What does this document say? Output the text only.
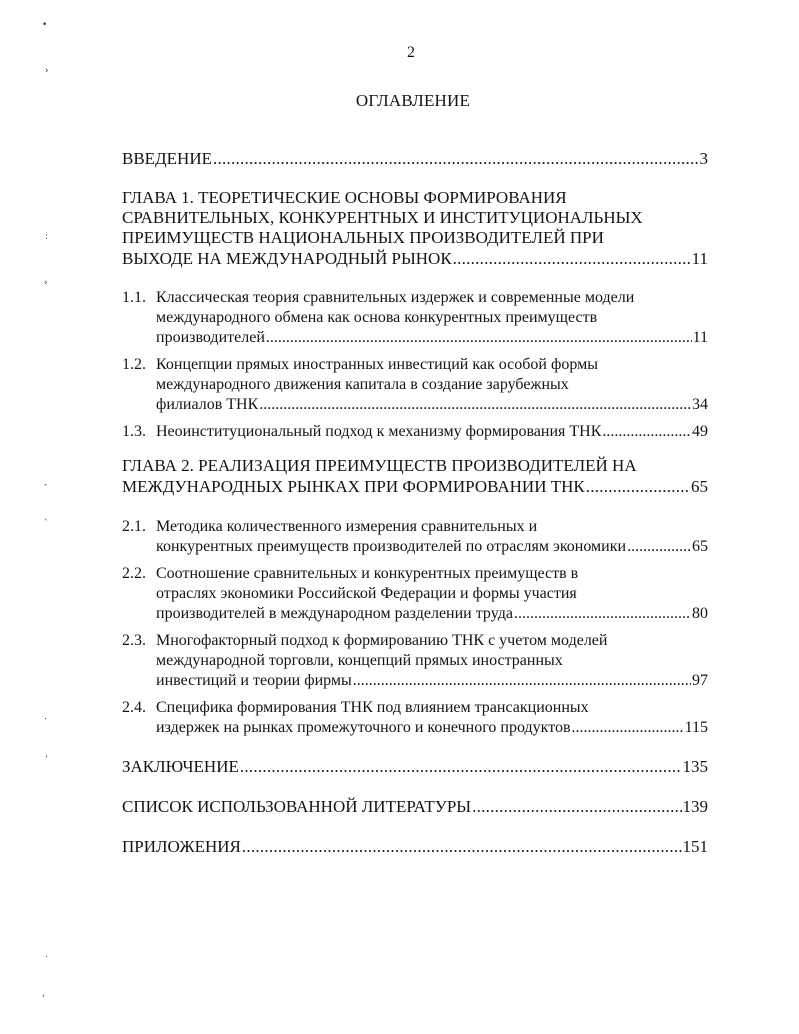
2
ОГЛАВЛЕНИЕ
ВВЕДЕНИЕ . . .	3
ГЛАВА 1. ТЕОРЕТИЧЕСКИЕ ОСНОВЫ ФОРМИРОВАНИЯ
СРАВНИТЕЛЬНЫХ, КОНКУРЕНТНЫХ И ИНСТИТУЦИОНАЛЬНЫХ
ПРЕИМУЩЕСТВ НАЦИОНАЛЬНЫХ ПРОИЗВОДИТЕЛЕЙ ПРИ
ВЫХОДЕ НА МЕЖДУНАРОДНЫЙ РЫНОК . . .	11
1.1. Классическая теория сравнительных издержек и современные модели
международного обмена как основа конкурентных преимуществ
производителей . . .	11
1.2. Концепции прямых иностранных инвестиций как особой формы
международного движения капитала в создание зарубежных
филиалов ТНК . . .	34
1.3. Неоинституциональный подход к механизму формирования ТНК . . .	49
ГЛАВА 2. РЕАЛИЗАЦИЯ ПРЕИМУЩЕСТВ ПРОИЗВОДИТЕЛЕЙ НА
МЕЖДУНАРОДНЫХ РЫНКАХ ПРИ ФОРМИРОВАНИИ ТНК . . .	65
2.1. Методика количественного измерения сравнительных и
конкурентных преимуществ производителей по отраслям экономики . . .	65
2.2. Соотношение сравнительных и конкурентных преимуществ в
отраслях экономики Российской Федерации и формы участия
производителей в международном разделении труда . . .	80
2.3. Многофакторный подход к формированию ТНК с учетом моделей
международной торговли, концепций прямых иностранных
инвестиций и теории фирмы . . .	97
2.4. Специфика формирования ТНК под влиянием трансакционных
издержек на рынках промежуточного и конечного продуктов . . .	115
ЗАКЛЮЧЕНИЕ . . .	135
СПИСОК ИСПОЛЬЗОВАННОЙ ЛИТЕРАТУРЫ . . .	139
ПРИЛОЖЕНИЯ . . .	151
•
›
:
›
-
`
.
’
.
‘
